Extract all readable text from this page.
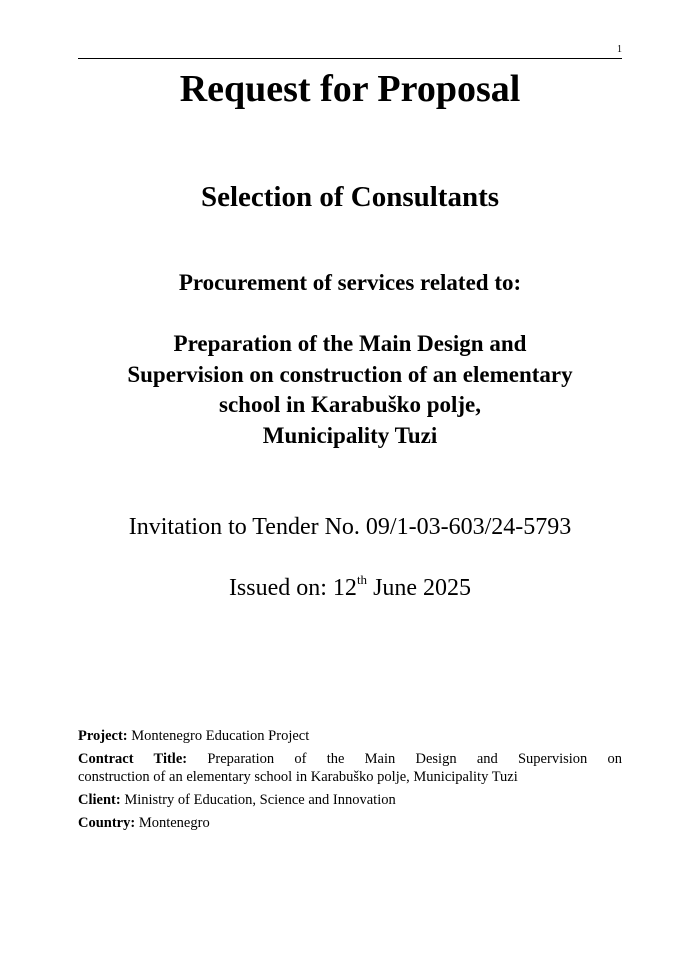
1
Request for Proposal
Selection of Consultants
Procurement of services related to:
Preparation of the Main Design and
Supervision on construction of an elementary
school in Karabuško polje,
Municipality Tuzi

Invitation to Tender No. 09/1-03-603/24-5793

Issued on: 12th June 2025

Project: Montenegro Education Project

Contract Title: Preparation of the Main Design and Supervision on
construction of an elementary school in Karabuško polje, Municipality Tuzi

Client: Ministry of Education, Science and Innovation

Country: Montenegro
